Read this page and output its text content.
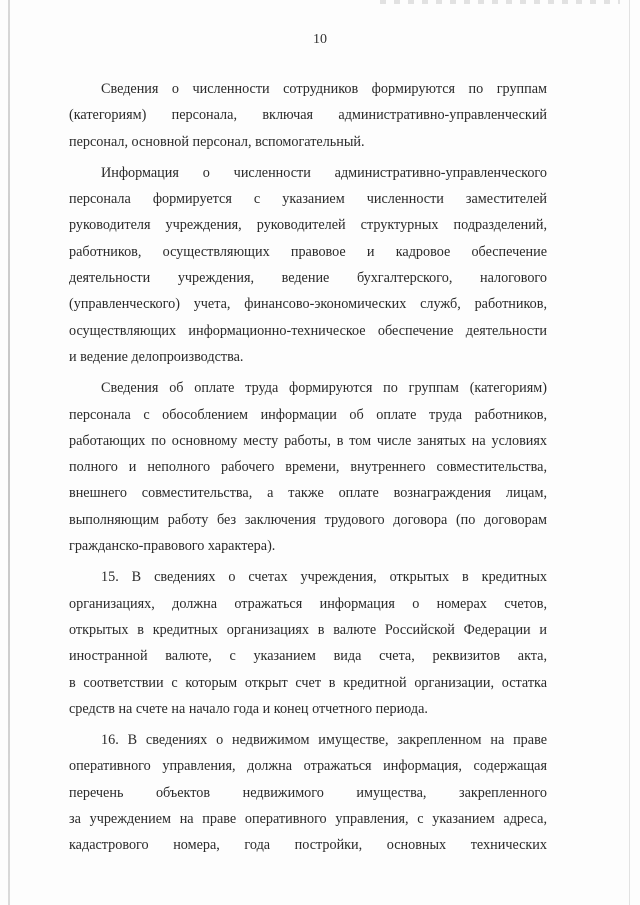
10
Сведения о численности сотрудников формируются по группам
(категориям) персонала, включая административно-управленческий
персонал, основной персонал, вспомогательный.
Информация о численности административно-управленческого
персонала формируется с указанием численности заместителей
руководителя учреждения, руководителей структурных подразделений,
работников, осуществляющих правовое и кадровое обеспечение
деятельности учреждения, ведение бухгалтерского, налогового
(управленческого) учета, финансово-экономических служб, работников,
осуществляющих информационно-техническое обеспечение деятельности
и ведение делопроизводства.
Сведения об оплате труда формируются по группам (категориям)
персонала с обособлением информации об оплате труда работников,
работающих по основному месту работы, в том числе занятых на условиях
полного и неполного рабочего времени, внутреннего совместительства,
внешнего совместительства, а также оплате вознаграждения лицам,
выполняющим работу без заключения трудового договора (по договорам
гражданско-правового характера).
15. В сведениях о счетах учреждения, открытых в кредитных
организациях, должна отражаться информация о номерах счетов,
открытых в кредитных организациях в валюте Российской Федерации и
иностранной валюте, с указанием вида счета, реквизитов акта,
в соответствии с которым открыт счет в кредитной организации, остатка
средств на счете на начало года и конец отчетного периода.
16. В сведениях о недвижимом имуществе, закрепленном на праве
оперативного управления, должна отражаться информация, содержащая
перечень объектов недвижимого имущества, закрепленного
за учреждением на праве оперативного управления, с указанием адреса,
кадастрового номера, года постройки, основных технических
